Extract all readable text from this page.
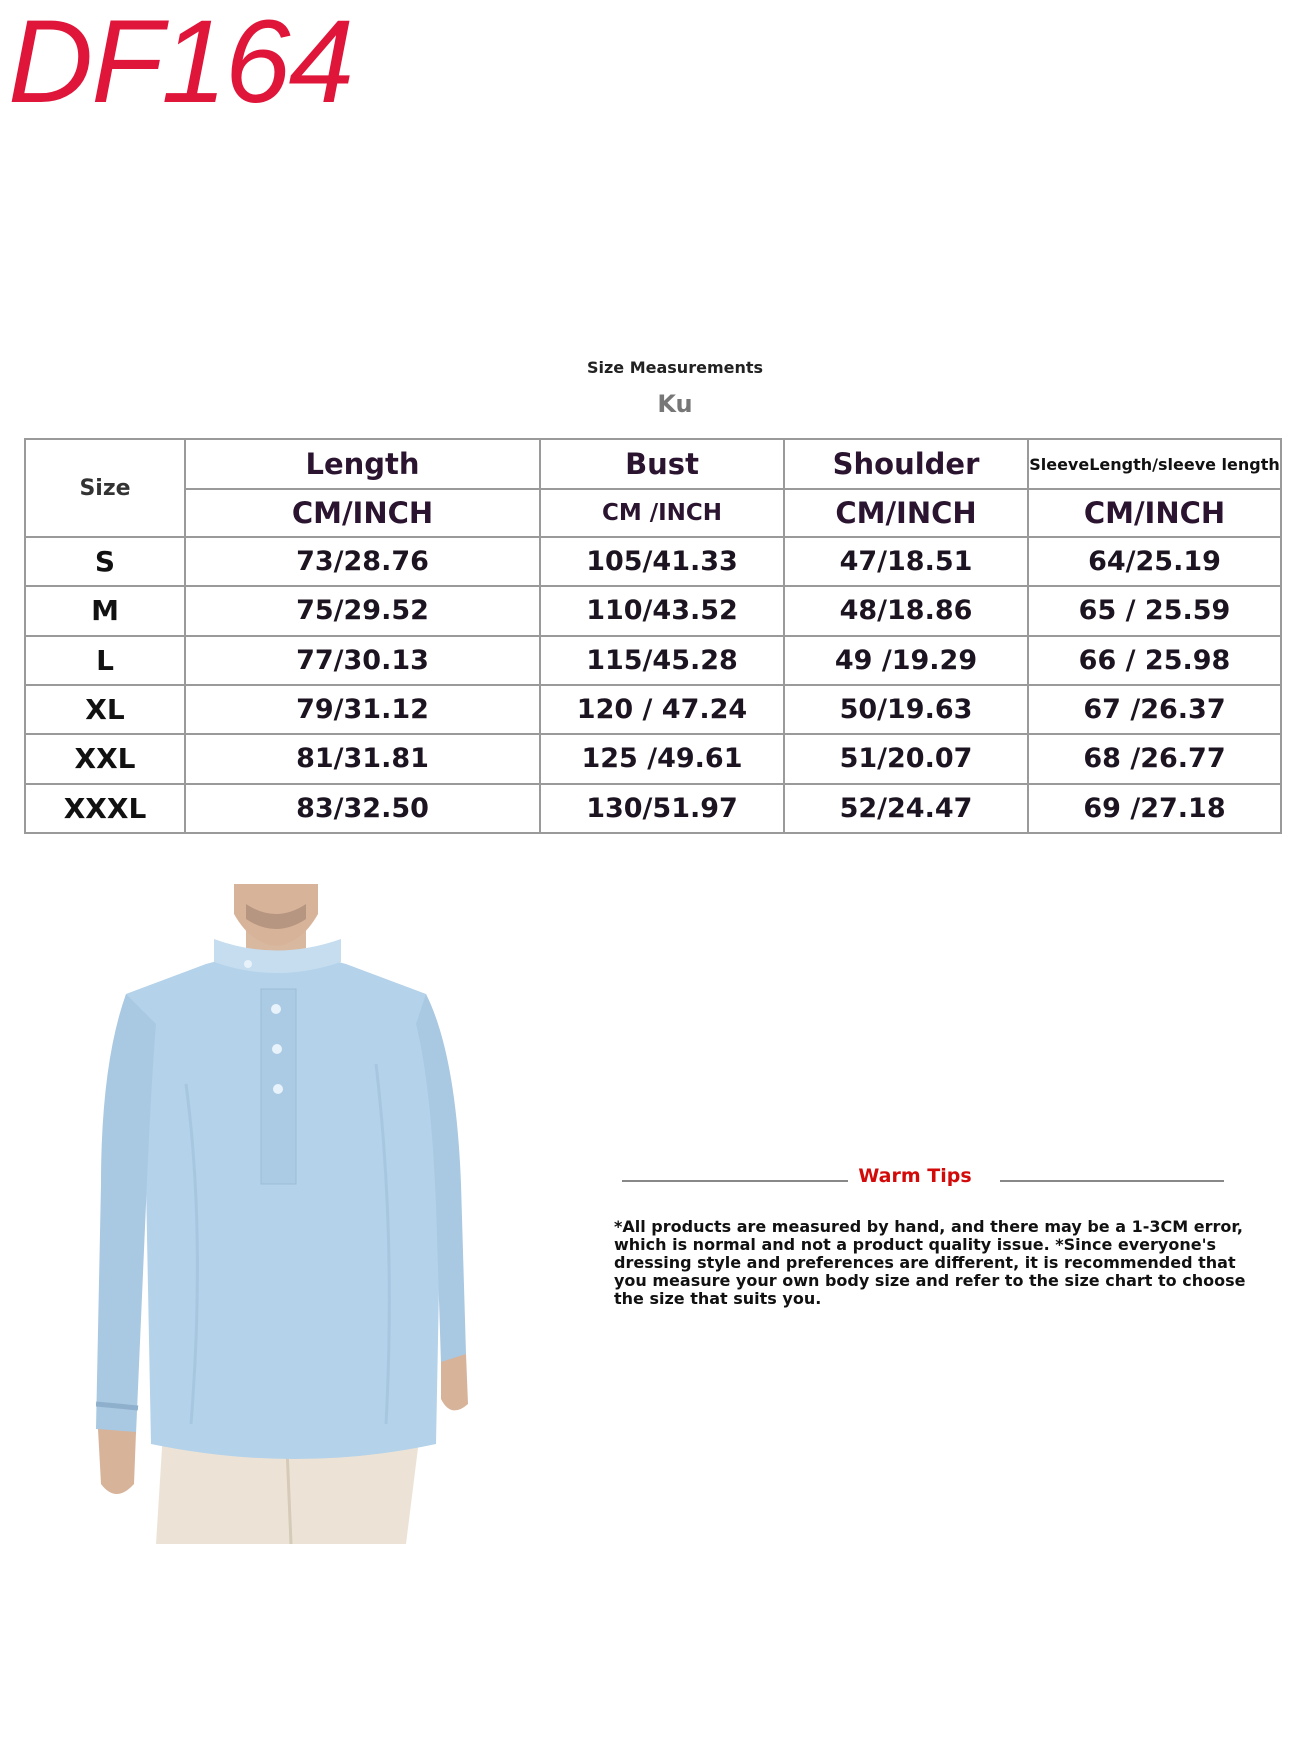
DF164
Size Measurements
Ku
Size	Length	Bust	Shoulder	SleeveLength/sleeve length
	CM/INCH	CM /INCH	CM/INCH	CM/INCH
S	73/28.76	105/41.33	47/18.51	64/25.19
M	75/29.52	110/43.52	48/18.86	65 / 25.59
L	77/30.13	115/45.28	49 /19.29	66 / 25.98
XL	79/31.12	120 / 47.24	50/19.63	67 /26.37
XXL	81/31.81	125 /49.61	51/20.07	68 /26.77
XXXL	83/32.50	130/51.97	52/24.47	69 /27.18
Warm Tips
*All products are measured by hand, and there may be a 1-3CM error, which is normal and not a product quality issue. *Since everyone's dressing style and preferences are different, it is recommended that you measure your own body size and refer to the size chart to choose the size that suits you.
